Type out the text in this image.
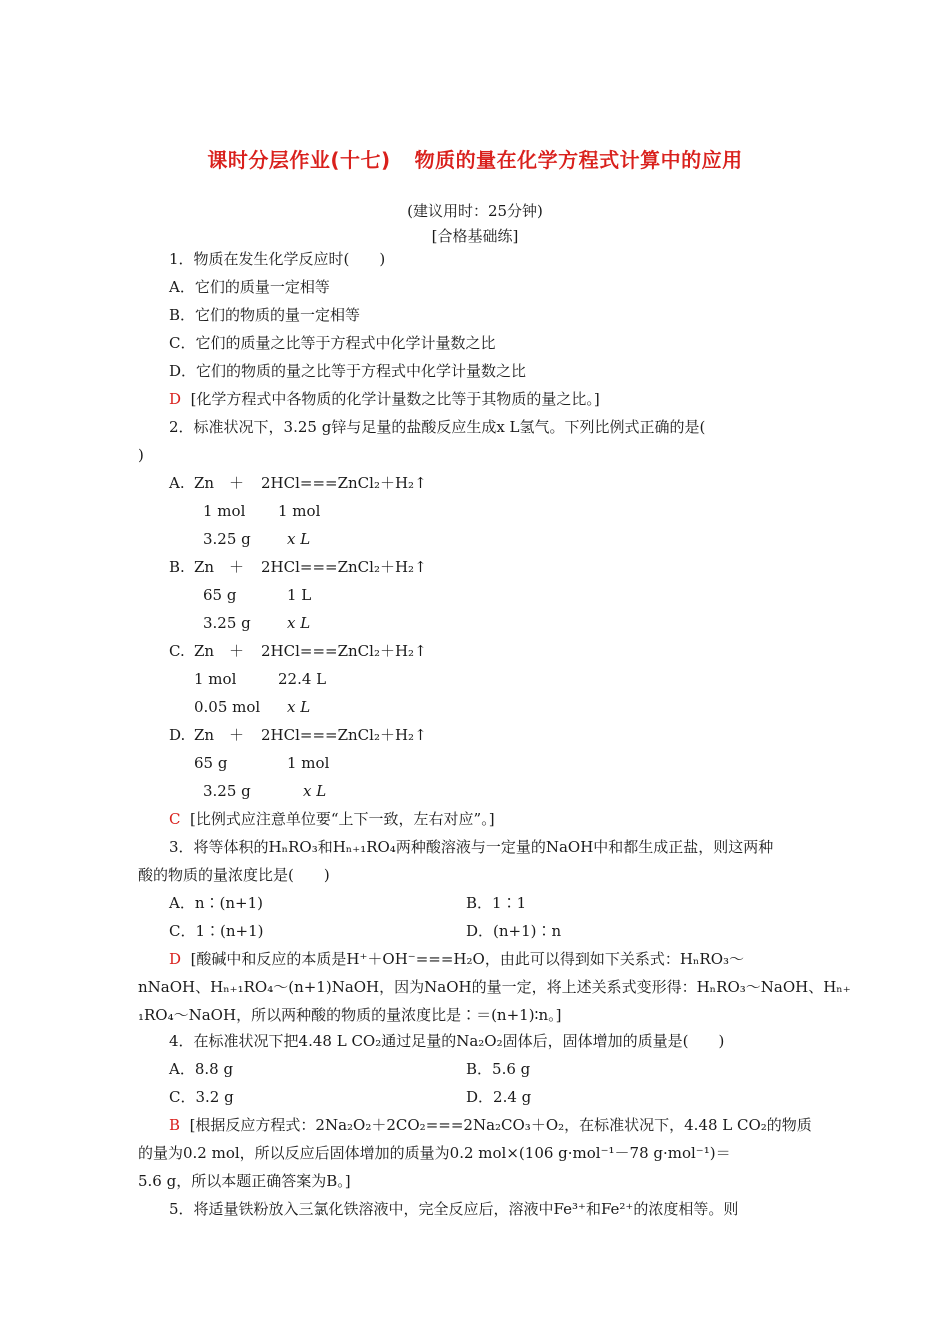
课时分层作业(十七) 物质的量在化学方程式计算中的应用
(建议用时：25分钟)
[合格基础练]
1．物质在发生化学反应时(　　)
A．它们的质量一定相等
B．它们的物质的量一定相等
C．它们的质量之比等于方程式中化学计量数之比
D．它们的物质的量之比等于方程式中化学计量数之比
D [化学方程式中各物质的化学计量数之比等于其物质的量之比。]
2．标准状况下，3.25 g锌与足量的盐酸反应生成x L氢气。下列比例式正确的是(
)
A. Zn ＋ 2HCl===ZnCl₂＋H₂↑
1 mol 1 mol
3.25 g x L
B. Zn ＋ 2HCl===ZnCl₂＋H₂↑
65 g	1 L
3.25 g x L
C. Zn ＋ 2HCl===ZnCl₂＋H₂↑
1 mol	22.4 L
0.05 mol x L
D. Zn ＋ 2HCl===ZnCl₂＋H₂↑
65 g	1 mol
3.25 g	x L
C [比例式应注意单位要“上下一致，左右对应”。]
3．将等体积的HₙRO₃和Hₙ₊₁RO₄两种酸溶液与一定量的NaOH中和都生成正盐，则这两种
酸的物质的量浓度比是(　　)
A．n∶(n+1)	B．1∶1
C．1∶(n+1)	D．(n+1)∶n
D [酸碱中和反应的本质是H⁺＋OH⁻===H₂O，由此可以得到如下关系式：HₙRO₃～
nNaOH、Hₙ₊₁RO₄～(n+1)NaOH，因为NaOH的量一定，将上述关系式变形得：HₙRO₃～NaOH、Hₙ₊
₁RO₄～NaOH，所以两种酸的物质的量浓度比是∶＝(n+1)∶n。]
4．在标准状况下把4.48 L CO₂通过足量的Na₂O₂固体后，固体增加的质量是(　　)
A．8.8 g	B．5.6 g
C．3.2 g	D．2.4 g
B [根据反应方程式：2Na₂O₂＋2CO₂===2Na₂CO₃＋O₂，在标准状况下，4.48 L CO₂的物质
的量为0.2 mol，所以反应后固体增加的质量为0.2 mol×(106 g·mol⁻¹－78 g·mol⁻¹)＝
5.6 g，所以本题正确答案为B。]
5．将适量铁粉放入三氯化铁溶液中，完全反应后，溶液中Fe³⁺和Fe²⁺的浓度相等。则
